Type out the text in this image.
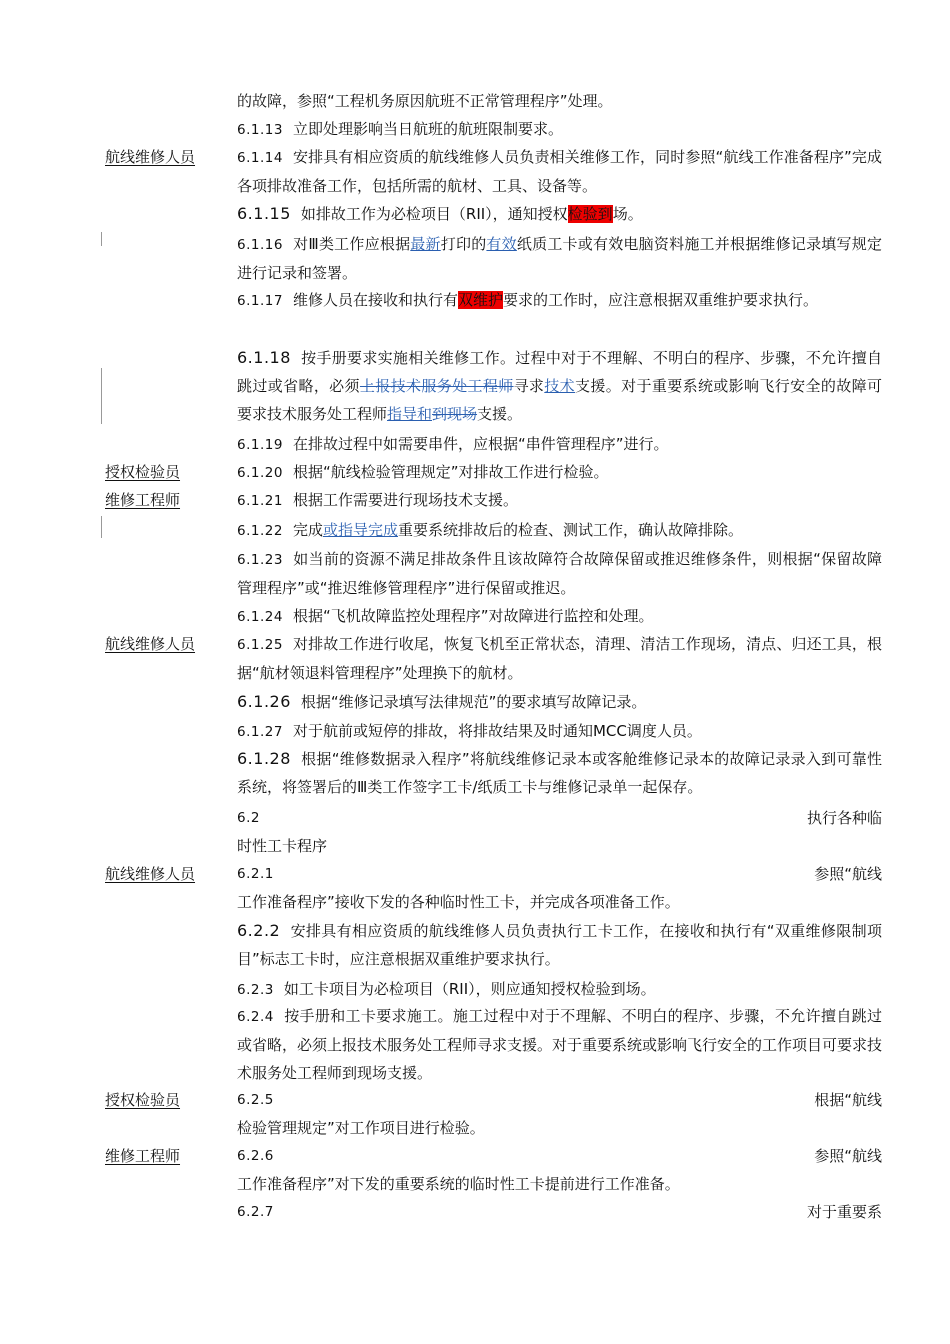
的故障，参照“工程机务原因航班不正常管理程序”处理。
6.1.13 立即处理影响当日航班的航班限制要求。
航线维修人员	6.1.14 安排具有相应资质的航线维修人员负责相关维修工作，同时参照“航线工作准备程序”完成各项排故准备工作，包括所需的航材、工具、设备等。
6.1.15 如排故工作为必检项目（RII），通知授权检验到场。
6.1.16 对Ⅲ类工作应根据最新打印的有效纸质工卡或有效电脑资料施工并根据维修记录填写规定进行记录和签署。
6.1.17 维修人员在接收和执行有双维护要求的工作时，应注意根据双重维护要求执行。
6.1.18 按手册要求实施相关维修工作。过程中对于不理解、不明白的程序、步骤，不允许擅自跳过或省略，必须上报技术服务处工程师寻求技术支援。对于重要系统或影响飞行安全的故障可要求技术服务处工程师指导和到现场支援。
6.1.19 在排故过程中如需要串件，应根据“串件管理程序”进行。
授权检验员	6.1.20 根据“航线检验管理规定”对排故工作进行检验。
维修工程师	6.1.21 根据工作需要进行现场技术支援。
6.1.22 完成或指导完成重要系统排故后的检查、测试工作，确认故障排除。
6.1.23 如当前的资源不满足排故条件且该故障符合故障保留或推迟维修条件，则根据“保留故障管理程序”或“推迟维修管理程序”进行保留或推迟。
6.1.24 根据“飞机故障监控处理程序”对故障进行监控和处理。
航线维修人员	6.1.25 对排故工作进行收尾，恢复飞机至正常状态，清理、清洁工作现场，清点、归还工具，根据“航材领退料管理程序”处理换下的航材。
6.1.26 根据“维修记录填写法律规范”的要求填写故障记录。
6.1.27 对于航前或短停的排故，将排故结果及时通知MCC调度人员。
6.1.28 根据“维修数据录入程序”将航线维修记录本或客舱维修记录本的故障记录录入到可靠性系统，将签署后的Ⅲ类工作签字工卡/纸质工卡与维修记录单一起保存。
6.2	执行各种临
时性工卡程序
航线维修人员	6.2.1	参照“航线
工作准备程序”接收下发的各种临时性工卡，并完成各项准备工作。
6.2.2 安排具有相应资质的航线维修人员负责执行工卡工作，在接收和执行有“双重维修限制项目”标志工卡时，应注意根据双重维护要求执行。
6.2.3 如工卡项目为必检项目（RII），则应通知授权检验到场。
6.2.4 按手册和工卡要求施工。施工过程中对于不理解、不明白的程序、步骤，不允许擅自跳过或省略，必须上报技术服务处工程师寻求支援。对于重要系统或影响飞行安全的工作项目可要求技术服务处工程师到现场支援。
授权检验员	6.2.5	根据“航线
检验管理规定”对工作项目进行检验。
维修工程师	6.2.6	参照“航线
工作准备程序”对下发的重要系统的临时性工卡提前进行工作准备。
6.2.7	对于重要系
